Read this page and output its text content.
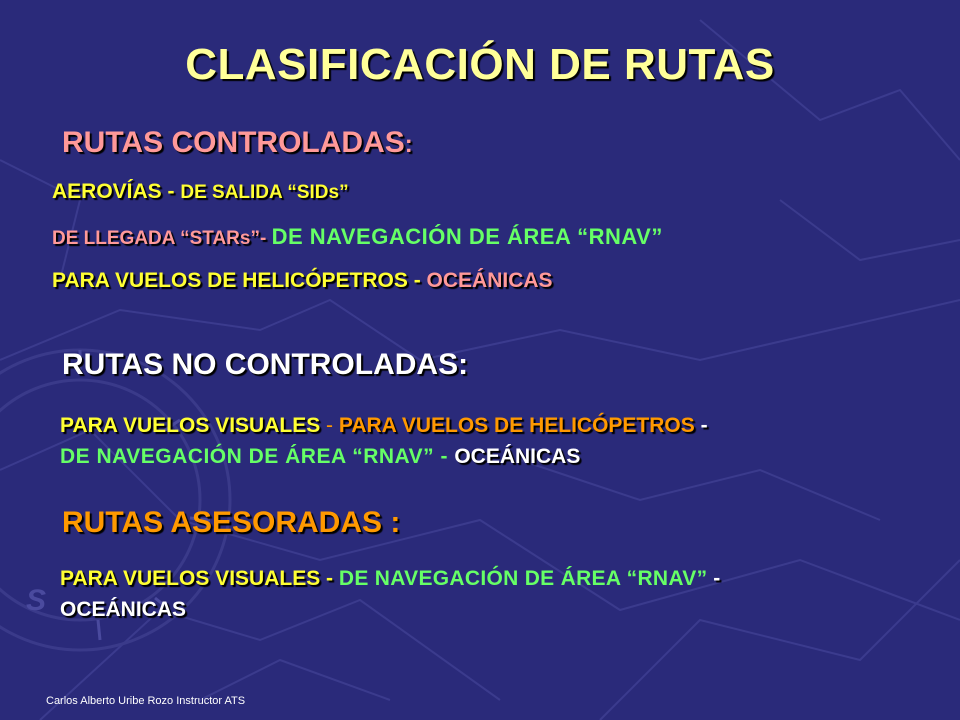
S
CLASIFICACIÓN DE RUTAS
RUTAS CONTROLADAS:
AEROVÍAS - DE SALIDA “SIDs”
DE LLEGADA “STARs”- DE NAVEGACIÓN DE ÁREA “RNAV”
PARA VUELOS DE HELICÓPETROS - OCEÁNICAS
RUTAS NO CONTROLADAS:
PARA VUELOS VISUALES - PARA VUELOS DE HELICÓPETROS -
DE NAVEGACIÓN DE ÁREA “RNAV” - OCEÁNICAS
RUTAS ASESORADAS :
PARA VUELOS VISUALES - DE NAVEGACIÓN DE ÁREA “RNAV” -
OCEÁNICAS
Carlos Alberto Uribe Rozo Instructor ATS
